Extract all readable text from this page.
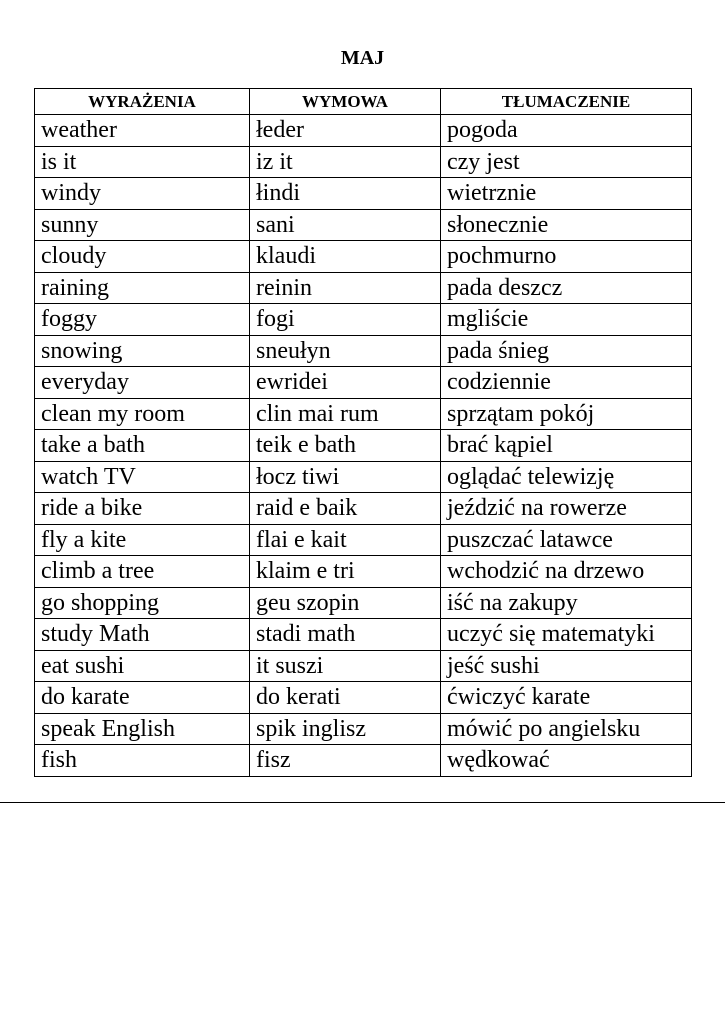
MAJ
WYRAŻENIA	WYMOWA	TŁUMACZENIE
weather	łeder	pogoda
is it	iz it	czy jest
windy	łindi	wietrznie
sunny	sani	słonecznie
cloudy	klaudi	pochmurno
raining	reinin	pada deszcz
foggy	fogi	mgliście
snowing	sneułyn	pada śnieg
everyday	ewridei	codziennie
clean my room	clin mai rum	sprzątam pokój
take a bath	teik e bath	brać kąpiel
watch TV	łocz tiwi	oglądać telewizję
ride a bike	raid e baik	jeździć na rowerze
fly a kite	flai e kait	puszczać latawce
climb a tree	klaim e tri	wchodzić na drzewo
go shopping	geu szopin	iść na zakupy
study Math	stadi math	uczyć się matematyki
eat sushi	it suszi	jeść sushi
do karate	do kerati	ćwiczyć karate
speak English	spik inglisz	mówić po angielsku
fish	fisz	wędkować
